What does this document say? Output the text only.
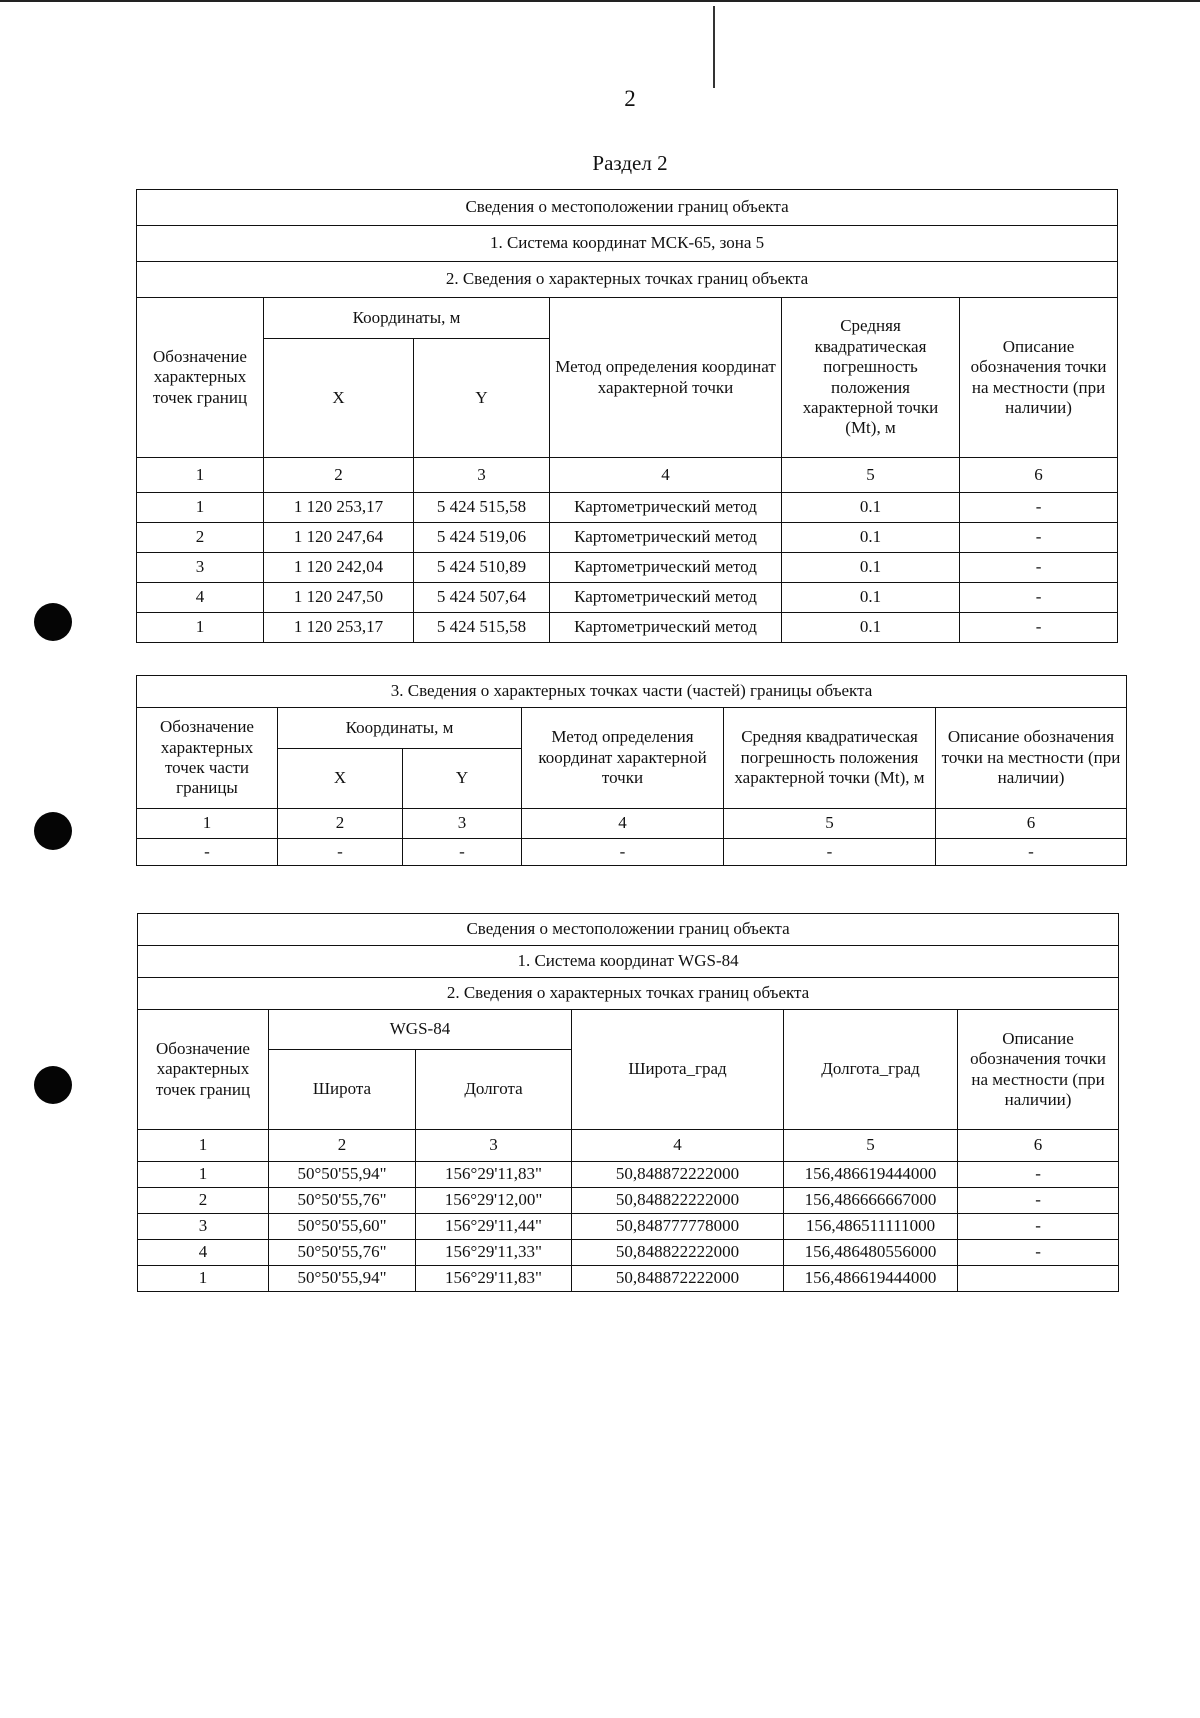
2
Раздел 2
Сведения о местоположении границ объекта					
1. Система координат МСК-65, зона 5					
2. Сведения о характерных точках границ объекта					
Обозначение характерных точек границ	Координаты, м		Метод определения координат характерной точки	Средняя квадратическая погрешность положения характерной точки (Mt), м	Описание обозначения точки на местности (при наличии)
	X	Y			
1	2	3	4	5	6
1	1 120 253,17	5 424 515,58	Картометрический метод	0.1	-
2	1 120 247,64	5 424 519,06	Картометрический метод	0.1	-
3	1 120 242,04	5 424 510,89	Картометрический метод	0.1	-
4	1 120 247,50	5 424 507,64	Картометрический метод	0.1	-
1	1 120 253,17	5 424 515,58	Картометрический метод	0.1	-
3. Сведения о характерных точках части (частей) границы объекта					
Обозначение характерных точек части границы	Координаты, м		Метод определения координат характерной точки	Средняя квадратическая погрешность положения характерной точки (Mt), м	Описание обозначения точки на местности (при наличии)
	X	Y			
1	2	3	4	5	6
-	-	-	-	-	-
Сведения о местоположении границ объекта					
1. Система координат WGS-84					
2. Сведения о характерных точках границ объекта					
Обозначение характерных точек границ	WGS-84		Широта_град	Долгота_град	Описание обозначения точки на местности (при наличии)
	Широта	Долгота			
1	2	3	4	5	6
1	50°50'55,94"	156°29'11,83"	50,848872222000	156,486619444000	-
2	50°50'55,76"	156°29'12,00"	50,848822222000	156,486666667000	-
3	50°50'55,60"	156°29'11,44"	50,848777778000	156,486511111000	-
4	50°50'55,76"	156°29'11,33"	50,848822222000	156,486480556000	-
1	50°50'55,94"	156°29'11,83"	50,848872222000	156,486619444000	
